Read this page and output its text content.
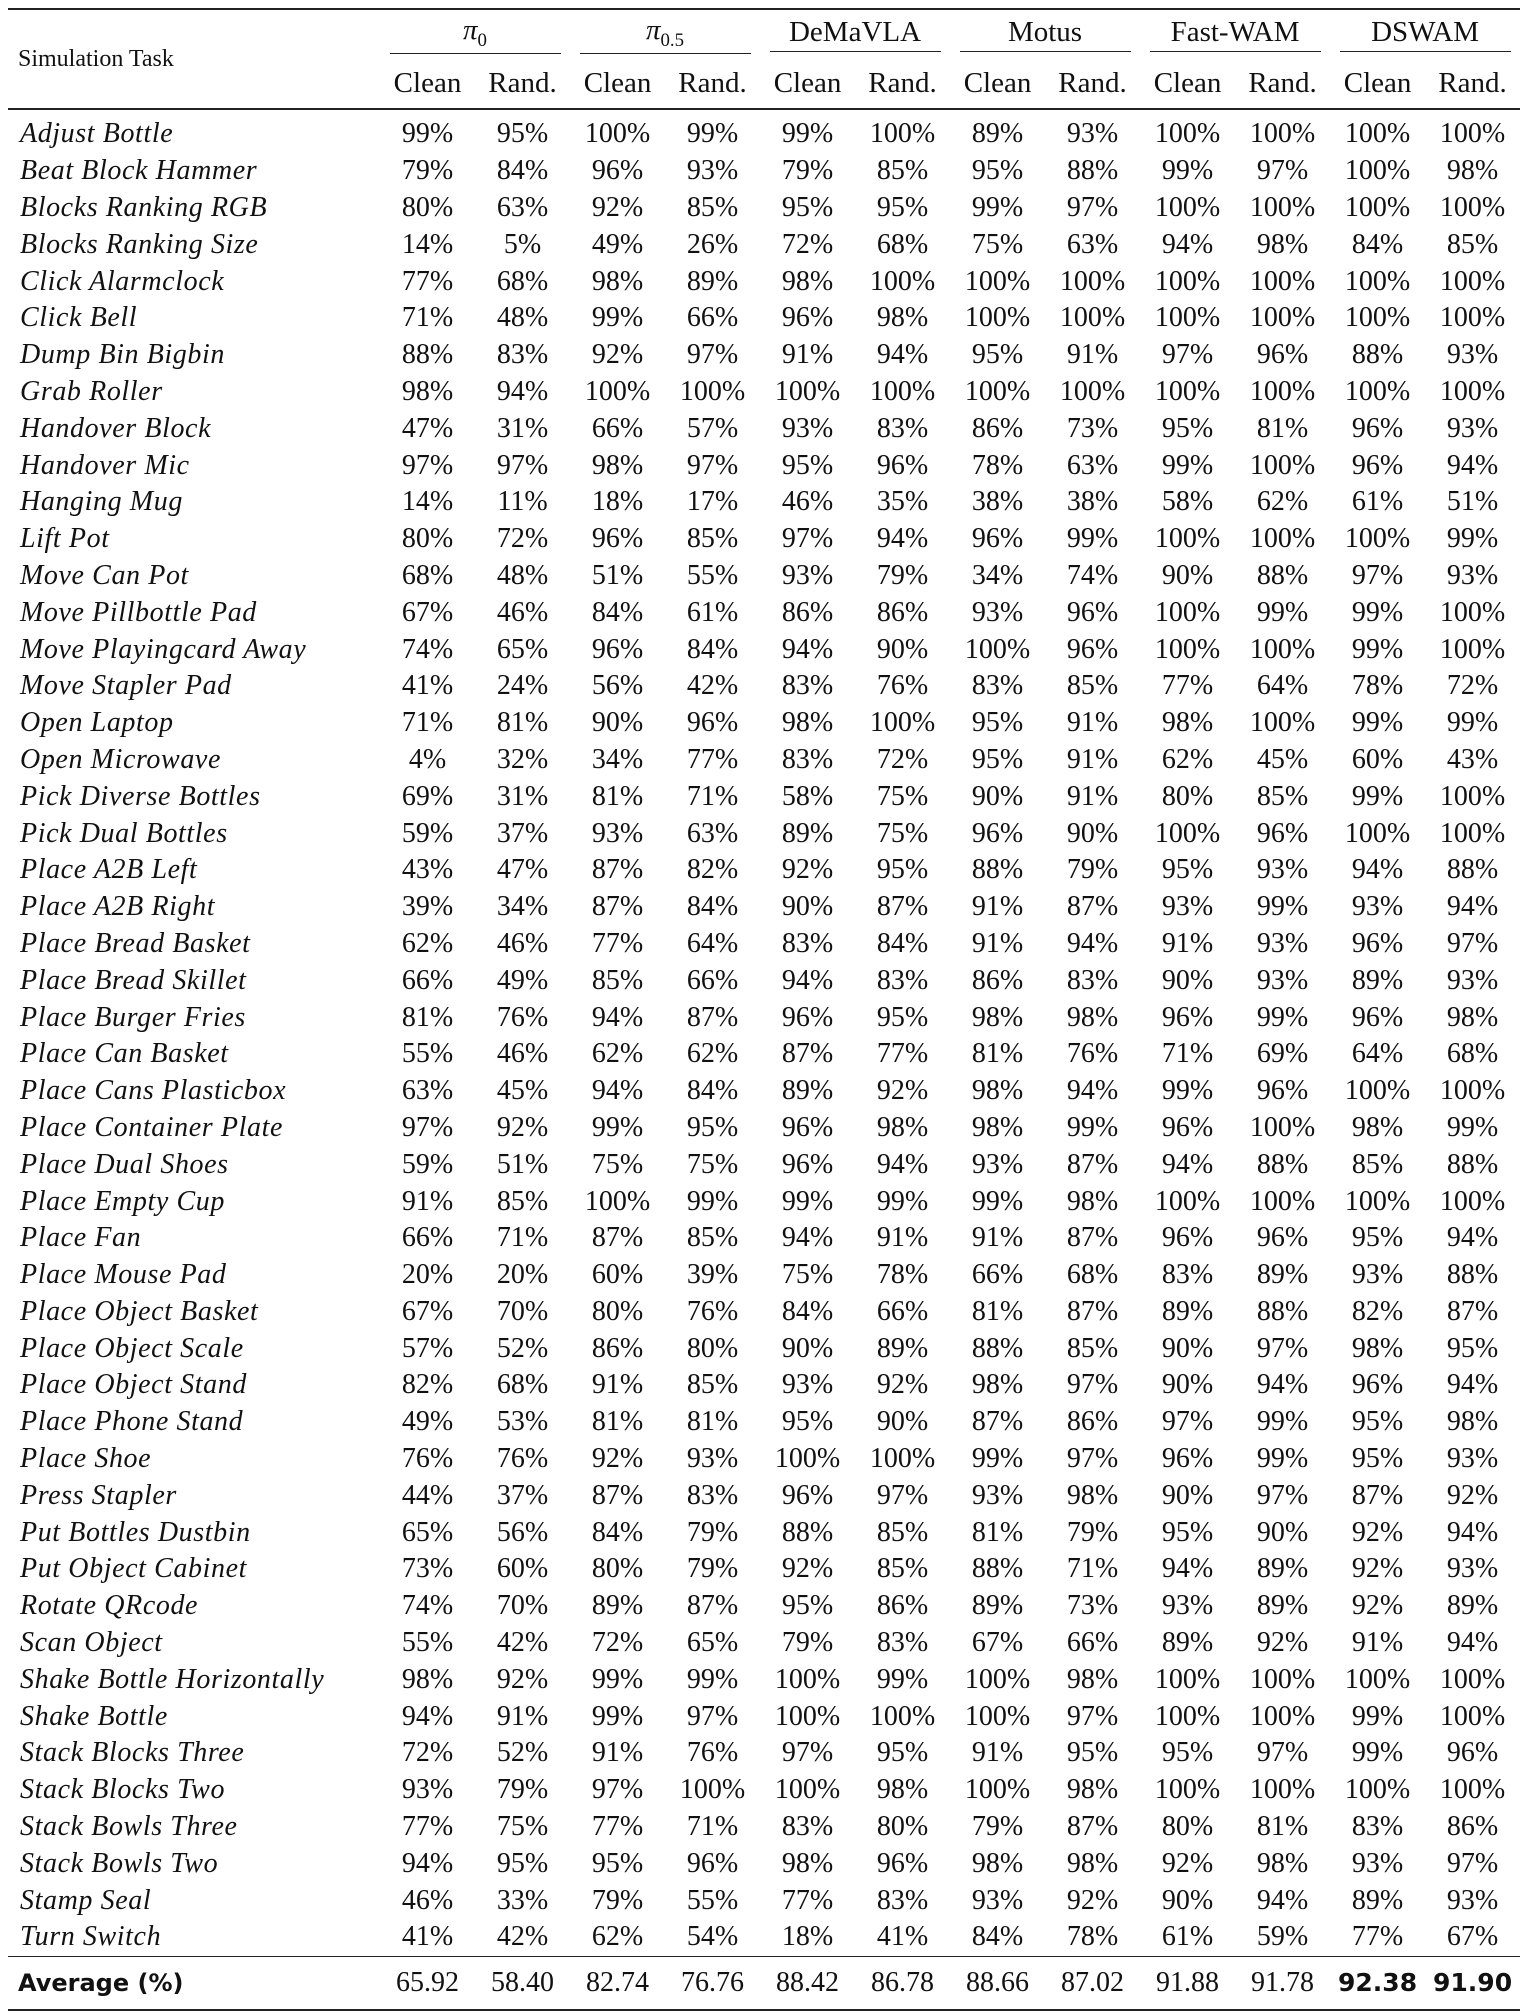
Simulation Task	$\pi_0$		$\pi_{0.5}$		DeMaVLA		Motus		Fast-WAM		DSWAM	
	Clean	Rand.	Clean	Rand.	Clean	Rand.	Clean	Rand.	Clean	Rand.	Clean	Rand.
Adjust Bottle	99%	95%	100%	99%	99%	100%	89%	93%	100%	100%	100%	100%
Beat Block Hammer	79%	84%	96%	93%	79%	85%	95%	88%	99%	97%	100%	98%
Blocks Ranking RGB	80%	63%	92%	85%	95%	95%	99%	97%	100%	100%	100%	100%
Blocks Ranking Size	14%	5%	49%	26%	72%	68%	75%	63%	94%	98%	84%	85%
Click Alarmclock	77%	68%	98%	89%	98%	100%	100%	100%	100%	100%	100%	100%
Click Bell	71%	48%	99%	66%	96%	98%	100%	100%	100%	100%	100%	100%
Dump Bin Bigbin	88%	83%	92%	97%	91%	94%	95%	91%	97%	96%	88%	93%
Grab Roller	98%	94%	100%	100%	100%	100%	100%	100%	100%	100%	100%	100%
Handover Block	47%	31%	66%	57%	93%	83%	86%	73%	95%	81%	96%	93%
Handover Mic	97%	97%	98%	97%	95%	96%	78%	63%	99%	100%	96%	94%
Hanging Mug	14%	11%	18%	17%	46%	35%	38%	38%	58%	62%	61%	51%
Lift Pot	80%	72%	96%	85%	97%	94%	96%	99%	100%	100%	100%	99%
Move Can Pot	68%	48%	51%	55%	93%	79%	34%	74%	90%	88%	97%	93%
Move Pillbottle Pad	67%	46%	84%	61%	86%	86%	93%	96%	100%	99%	99%	100%
Move Playingcard Away	74%	65%	96%	84%	94%	90%	100%	96%	100%	100%	99%	100%
Move Stapler Pad	41%	24%	56%	42%	83%	76%	83%	85%	77%	64%	78%	72%
Open Laptop	71%	81%	90%	96%	98%	100%	95%	91%	98%	100%	99%	99%
Open Microwave	4%	32%	34%	77%	83%	72%	95%	91%	62%	45%	60%	43%
Pick Diverse Bottles	69%	31%	81%	71%	58%	75%	90%	91%	80%	85%	99%	100%
Pick Dual Bottles	59%	37%	93%	63%	89%	75%	96%	90%	100%	96%	100%	100%
Place A2B Left	43%	47%	87%	82%	92%	95%	88%	79%	95%	93%	94%	88%
Place A2B Right	39%	34%	87%	84%	90%	87%	91%	87%	93%	99%	93%	94%
Place Bread Basket	62%	46%	77%	64%	83%	84%	91%	94%	91%	93%	96%	97%
Place Bread Skillet	66%	49%	85%	66%	94%	83%	86%	83%	90%	93%	89%	93%
Place Burger Fries	81%	76%	94%	87%	96%	95%	98%	98%	96%	99%	96%	98%
Place Can Basket	55%	46%	62%	62%	87%	77%	81%	76%	71%	69%	64%	68%
Place Cans Plasticbox	63%	45%	94%	84%	89%	92%	98%	94%	99%	96%	100%	100%
Place Container Plate	97%	92%	99%	95%	96%	98%	98%	99%	96%	100%	98%	99%
Place Dual Shoes	59%	51%	75%	75%	96%	94%	93%	87%	94%	88%	85%	88%
Place Empty Cup	91%	85%	100%	99%	99%	99%	99%	98%	100%	100%	100%	100%
Place Fan	66%	71%	87%	85%	94%	91%	91%	87%	96%	96%	95%	94%
Place Mouse Pad	20%	20%	60%	39%	75%	78%	66%	68%	83%	89%	93%	88%
Place Object Basket	67%	70%	80%	76%	84%	66%	81%	87%	89%	88%	82%	87%
Place Object Scale	57%	52%	86%	80%	90%	89%	88%	85%	90%	97%	98%	95%
Place Object Stand	82%	68%	91%	85%	93%	92%	98%	97%	90%	94%	96%	94%
Place Phone Stand	49%	53%	81%	81%	95%	90%	87%	86%	97%	99%	95%	98%
Place Shoe	76%	76%	92%	93%	100%	100%	99%	97%	96%	99%	95%	93%
Press Stapler	44%	37%	87%	83%	96%	97%	93%	98%	90%	97%	87%	92%
Put Bottles Dustbin	65%	56%	84%	79%	88%	85%	81%	79%	95%	90%	92%	94%
Put Object Cabinet	73%	60%	80%	79%	92%	85%	88%	71%	94%	89%	92%	93%
Rotate QRcode	74%	70%	89%	87%	95%	86%	89%	73%	93%	89%	92%	89%
Scan Object	55%	42%	72%	65%	79%	83%	67%	66%	89%	92%	91%	94%
Shake Bottle Horizontally	98%	92%	99%	99%	100%	99%	100%	98%	100%	100%	100%	100%
Shake Bottle	94%	91%	99%	97%	100%	100%	100%	97%	100%	100%	99%	100%
Stack Blocks Three	72%	52%	91%	76%	97%	95%	91%	95%	95%	97%	99%	96%
Stack Blocks Two	93%	79%	97%	100%	100%	98%	100%	98%	100%	100%	100%	100%
Stack Bowls Three	77%	75%	77%	71%	83%	80%	79%	87%	80%	81%	83%	86%
Stack Bowls Two	94%	95%	95%	96%	98%	96%	98%	98%	92%	98%	93%	97%
Stamp Seal	46%	33%	79%	55%	77%	83%	93%	92%	90%	94%	89%	93%
Turn Switch	41%	42%	62%	54%	18%	41%	84%	78%	61%	59%	77%	67%
Average (%)	65.92	58.40	82.74	76.76	88.42	86.78	88.66	87.02	91.88	91.78	92.38	91.90
